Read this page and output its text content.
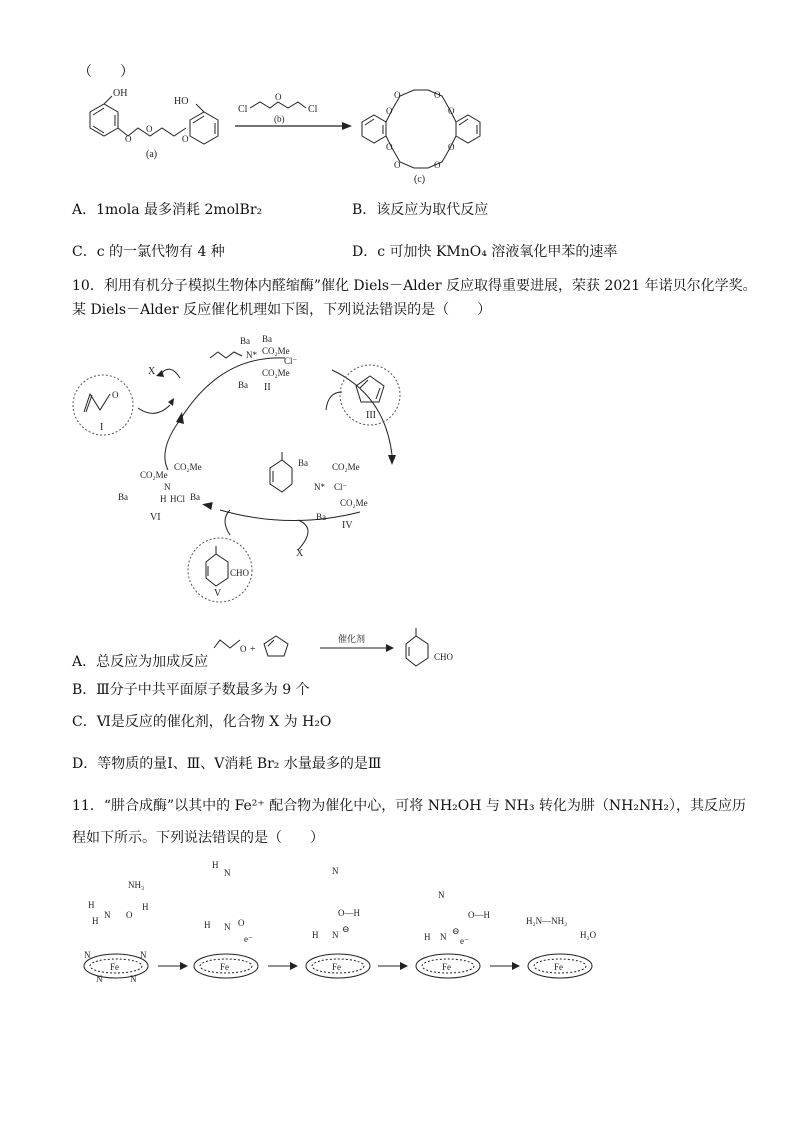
（　　）
OH
O
O
O
HO
(a)
Cl
O
Cl
(b)
O
O	O
O
O
O	O
O
(c)
A．1mola 最多消耗 2molBr₂	B．该反应为取代反应
C．c 的一氯代物有 4 种	D．c 可加快 KMnO₄ 溶液氧化甲苯的速率
10．利用有机分子模拟生物体内醛缩酶”催化 Diels－Alder 反应取得重要进展，荣获 2021 年诺贝尔化学奖。
某 Diels－Alder 反应催化机理如下图，下列说法错误的是（　　）
O
I
X
Ba
N* CO₂Me
Ba
Cl⁻
CO₂Me
Ba II
III
Ba	CO₂Me
N* Cl⁻
CO₂Me
Ba
IV
X
CO₂Me
CO₂Me
N
H HCl
Ba	Ba
VI
CHO
V
O +
催化剂
CHO
A．总反应为加成反应
B．Ⅲ分子中共平面原子数最多为 9 个
C．Ⅵ是反应的催化剂，化合物 X 为 H₂O
D．等物质的量Ⅰ、Ⅲ、Ⅴ消耗 Br₂ 水量最多的是Ⅲ
11．“肼合成酶”以其中的 Fe²⁺ 配合物为催化中心，可将 NH₂OH 与 NH₃ 转化为肼（NH₂NH₂），其反应历
程如下所示。下列说法错误的是（　　）
Fe
N	N
N	N
NH₃
H
H
N O
H
Fe
H
N
H N O
e⁻
Fe
N
O—H
H N
⊖
Fe
N
O—H
H N
⊖
e⁻
Fe
H₂N—NH₂
H₂O
